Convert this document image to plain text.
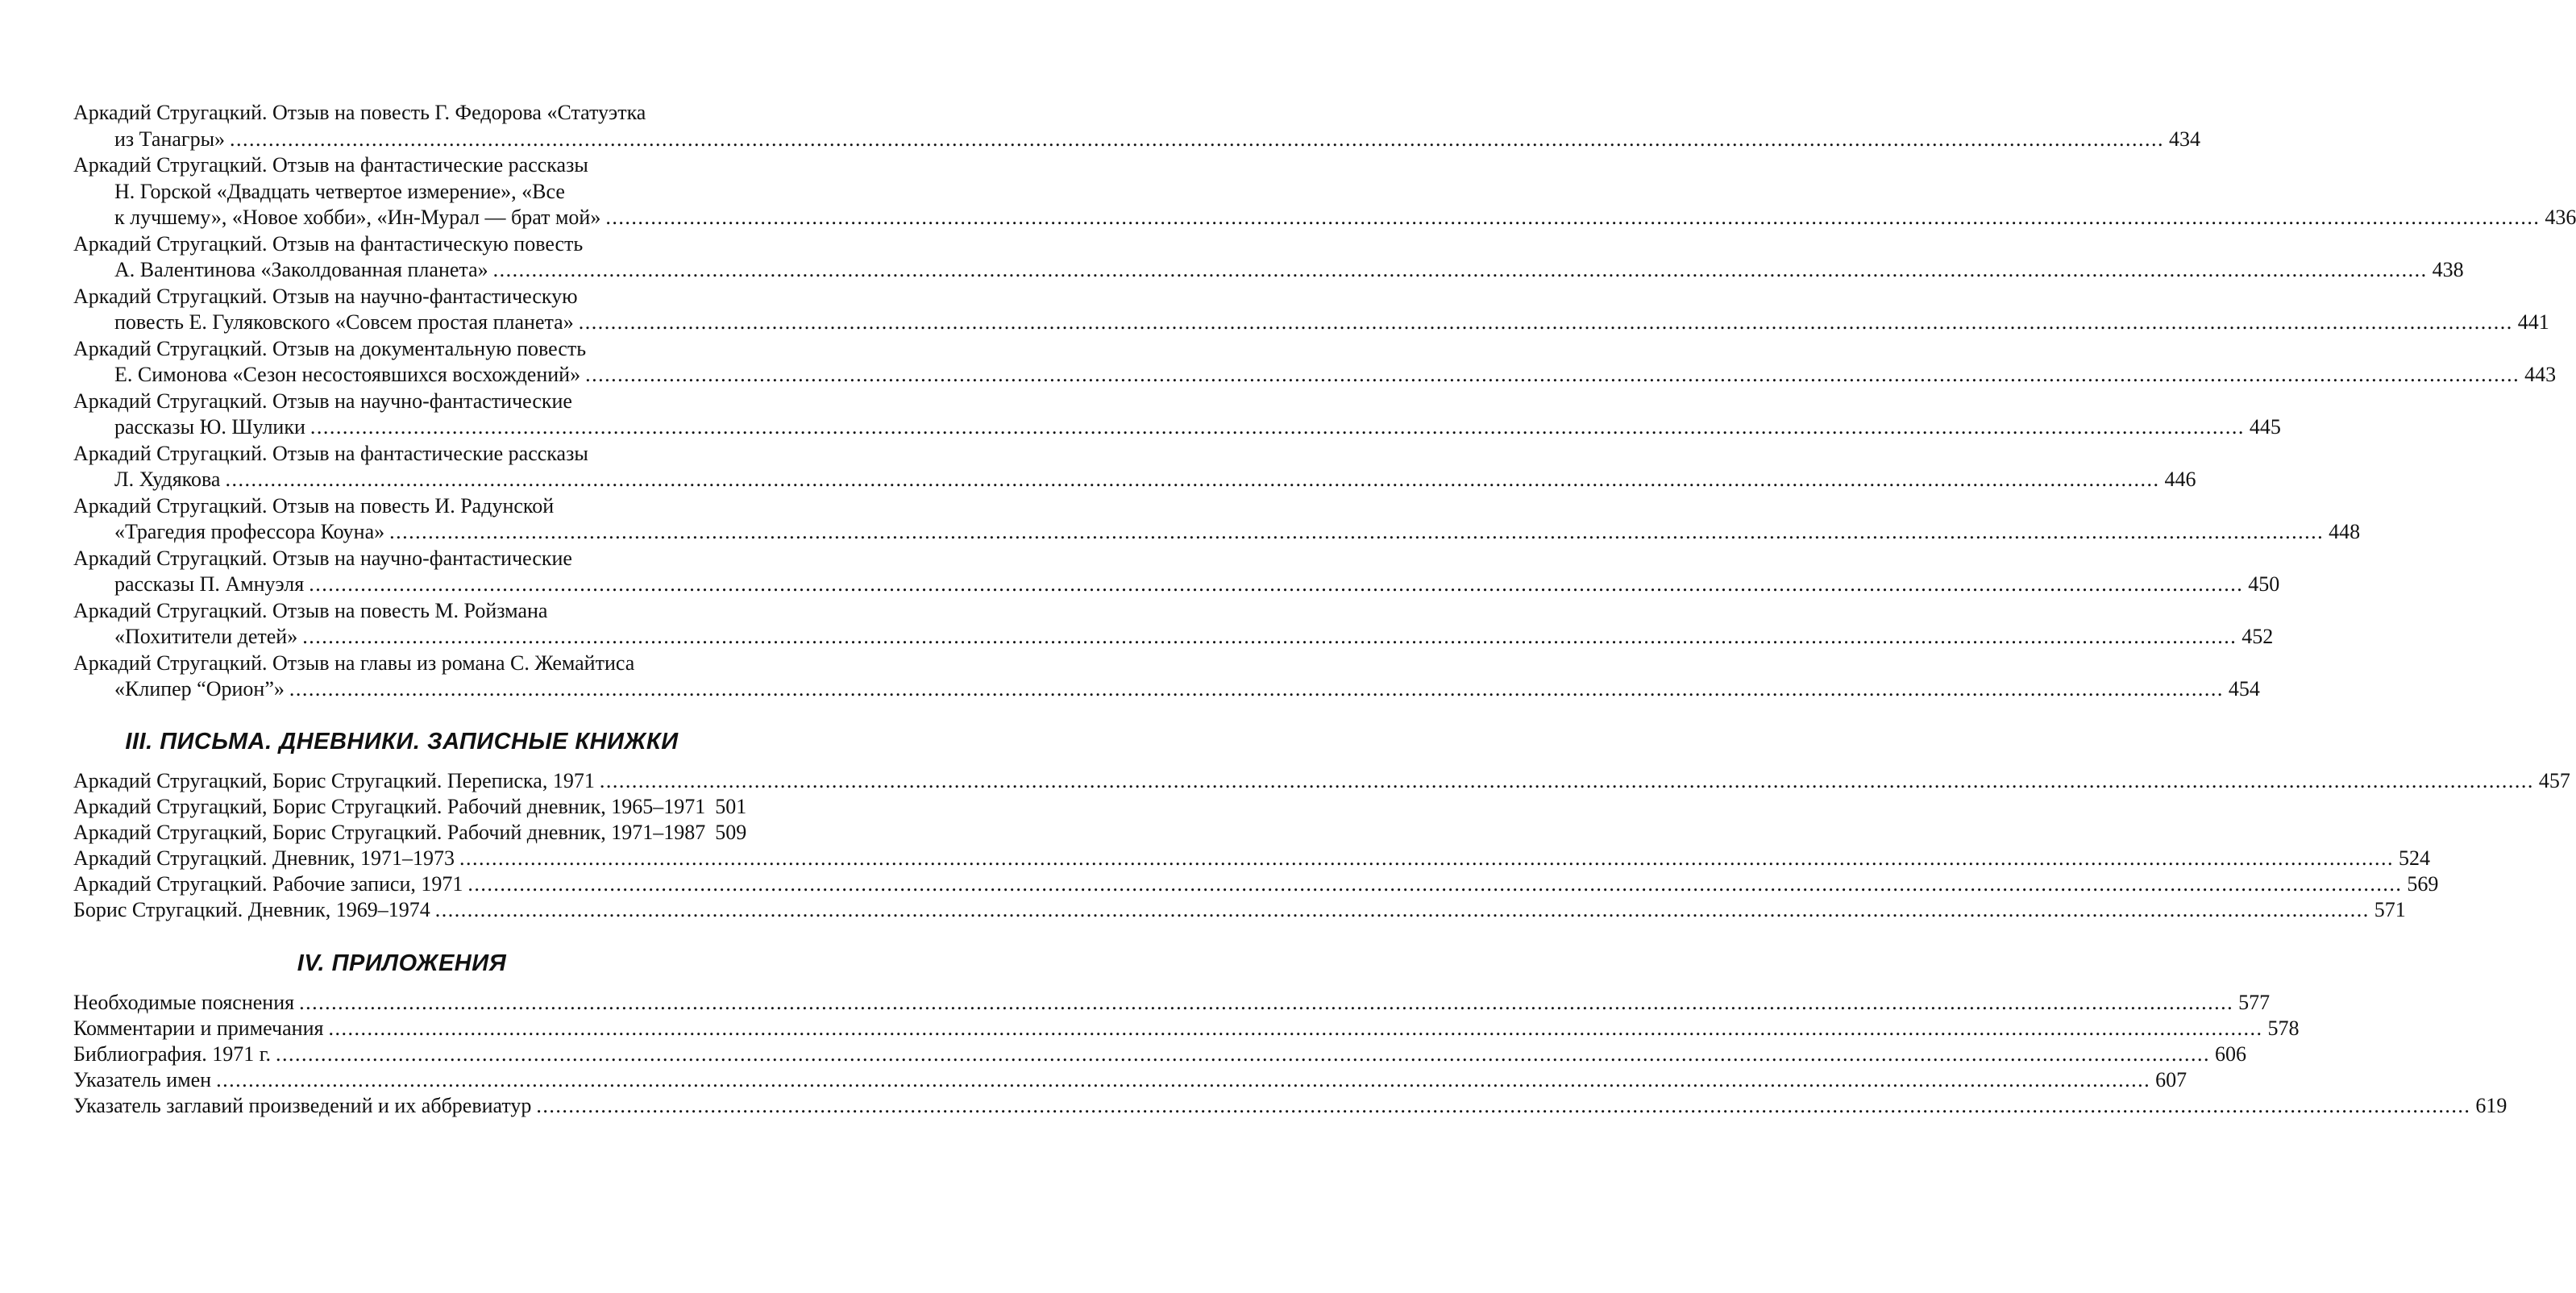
Аркадий Стругацкий. Отзыв на повесть Г. Федорова «Статуэтка
из Танагры» ............................................................................................................................................................................................................................................................................................................ 434
Аркадий Стругацкий. Отзыв на фантастические рассказы
Н. Горской «Двадцать четвертое измерение», «Все
к лучшему», «Новое хобби», «Ин-Мурал — брат мой» ............................................................................................................................................................................................................................................................................................................ 436
Аркадий Стругацкий. Отзыв на фантастическую повесть
А. Валентинова «Заколдованная планета» ............................................................................................................................................................................................................................................................................................................ 438
Аркадий Стругацкий. Отзыв на научно-фантастическую
повесть Е. Гуляковского «Совсем простая планета» ............................................................................................................................................................................................................................................................................................................ 441
Аркадий Стругацкий. Отзыв на документальную повесть
Е. Симонова «Сезон несостоявшихся восхождений» ............................................................................................................................................................................................................................................................................................................ 443
Аркадий Стругацкий. Отзыв на научно-фантастические
рассказы Ю. Шулики ............................................................................................................................................................................................................................................................................................................ 445
Аркадий Стругацкий. Отзыв на фантастические рассказы
Л. Худякова ............................................................................................................................................................................................................................................................................................................ 446
Аркадий Стругацкий. Отзыв на повесть И. Радунской
«Трагедия профессора Коуна» ............................................................................................................................................................................................................................................................................................................ 448
Аркадий Стругацкий. Отзыв на научно-фантастические
рассказы П. Амнуэля ............................................................................................................................................................................................................................................................................................................ 450
Аркадий Стругацкий. Отзыв на повесть М. Ройзмана
«Похитители детей» ............................................................................................................................................................................................................................................................................................................ 452
Аркадий Стругацкий. Отзыв на главы из романа С. Жемайтиса
«Клипер “Орион”» ............................................................................................................................................................................................................................................................................................................ 454
III. ПИСЬМА. ДНЕВНИКИ. ЗАПИСНЫЕ КНИЖКИ
Аркадий Стругацкий, Борис Стругацкий. Переписка, 1971 ............................................................................................................................................................................................................................................................................................................ 457
Аркадий Стругацкий, Борис Стругацкий. Рабочий дневник, 1965–1971 501
Аркадий Стругацкий, Борис Стругацкий. Рабочий дневник, 1971–1987 509
Аркадий Стругацкий. Дневник, 1971–1973 ............................................................................................................................................................................................................................................................................................................ 524
Аркадий Стругацкий. Рабочие записи, 1971 ............................................................................................................................................................................................................................................................................................................ 569
Борис Стругацкий. Дневник, 1969–1974 ............................................................................................................................................................................................................................................................................................................ 571
IV. ПРИЛОЖЕНИЯ
Необходимые пояснения ............................................................................................................................................................................................................................................................................................................ 577
Комментарии и примечания ............................................................................................................................................................................................................................................................................................................ 578
Библиография. 1971 г. ............................................................................................................................................................................................................................................................................................................ 606
Указатель имен ............................................................................................................................................................................................................................................................................................................ 607
Указатель заглавий произведений и их аббревиатур ............................................................................................................................................................................................................................................................................................................ 619
